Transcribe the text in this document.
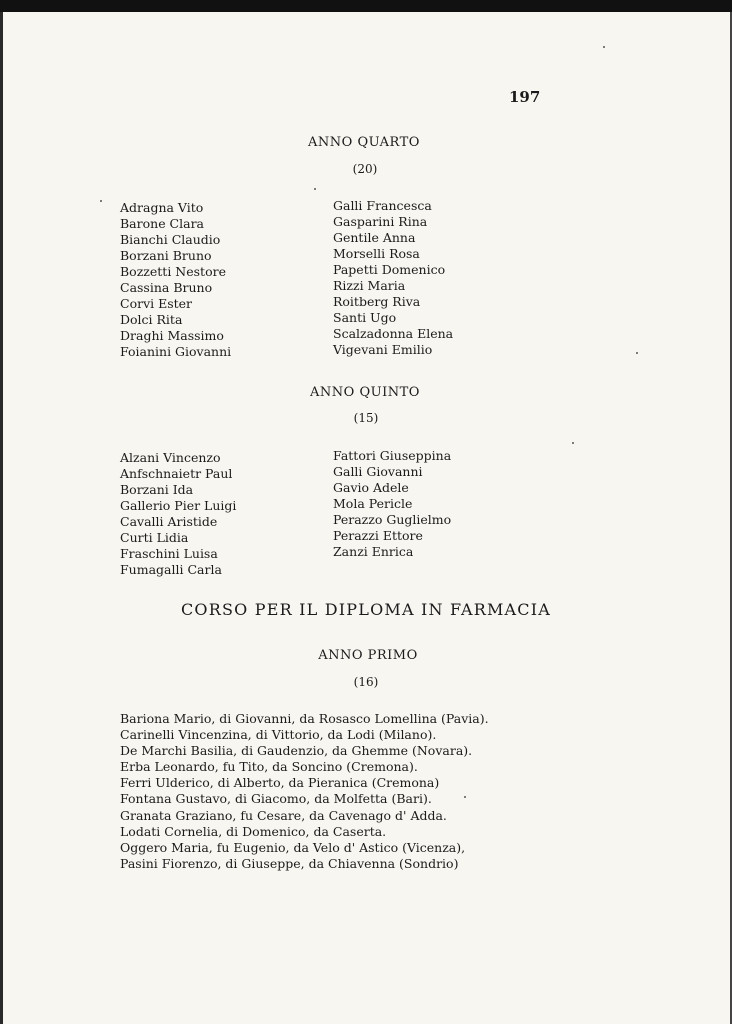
197
ANNO QUARTO
(20)
Adragna Vito
Barone Clara
Bianchi Claudio
Borzani Bruno
Bozzetti Nestore
Cassina Bruno
Corvi Ester
Dolci Rita
Draghi Massimo
Foianini Giovanni
Galli Francesca
Gasparini Rina
Gentile Anna
Morselli Rosa
Papetti Domenico
Rizzi Maria
Roitberg Riva
Santi Ugo
Scalzadonna Elena
Vigevani Emilio
ANNO QUINTO
(15)
Alzani Vincenzo
Anfschnaietr Paul
Borzani Ida
Gallerio Pier Luigi
Cavalli Aristide
Curti Lidia
Fraschini Luisa
Fumagalli Carla
Fattori Giuseppina
Galli Giovanni
Gavio Adele
Mola Pericle
Perazzo Guglielmo
Perazzi Ettore
Zanzi Enrica
CORSO PER IL DIPLOMA IN FARMACIA
ANNO PRIMO
(16)
Bariona Mario, di Giovanni, da Rosasco Lomellina (Pavia).
Carinelli Vincenzina, di Vittorio, da Lodi (Milano).
De Marchi Basilia, di Gaudenzio, da Ghemme (Novara).
Erba Leonardo, fu Tito, da Soncino (Cremona).
Ferri Ulderico, di Alberto, da Pieranica (Cremona)
Fontana Gustavo, di Giacomo, da Molfetta (Bari).
Granata Graziano, fu Cesare, da Cavenago d' Adda.
Lodati Cornelia, di Domenico, da Caserta.
Oggero Maria, fu Eugenio, da Velo d' Astico (Vicenza),
Pasini Fiorenzo, di Giuseppe, da Chiavenna (Sondrio)
